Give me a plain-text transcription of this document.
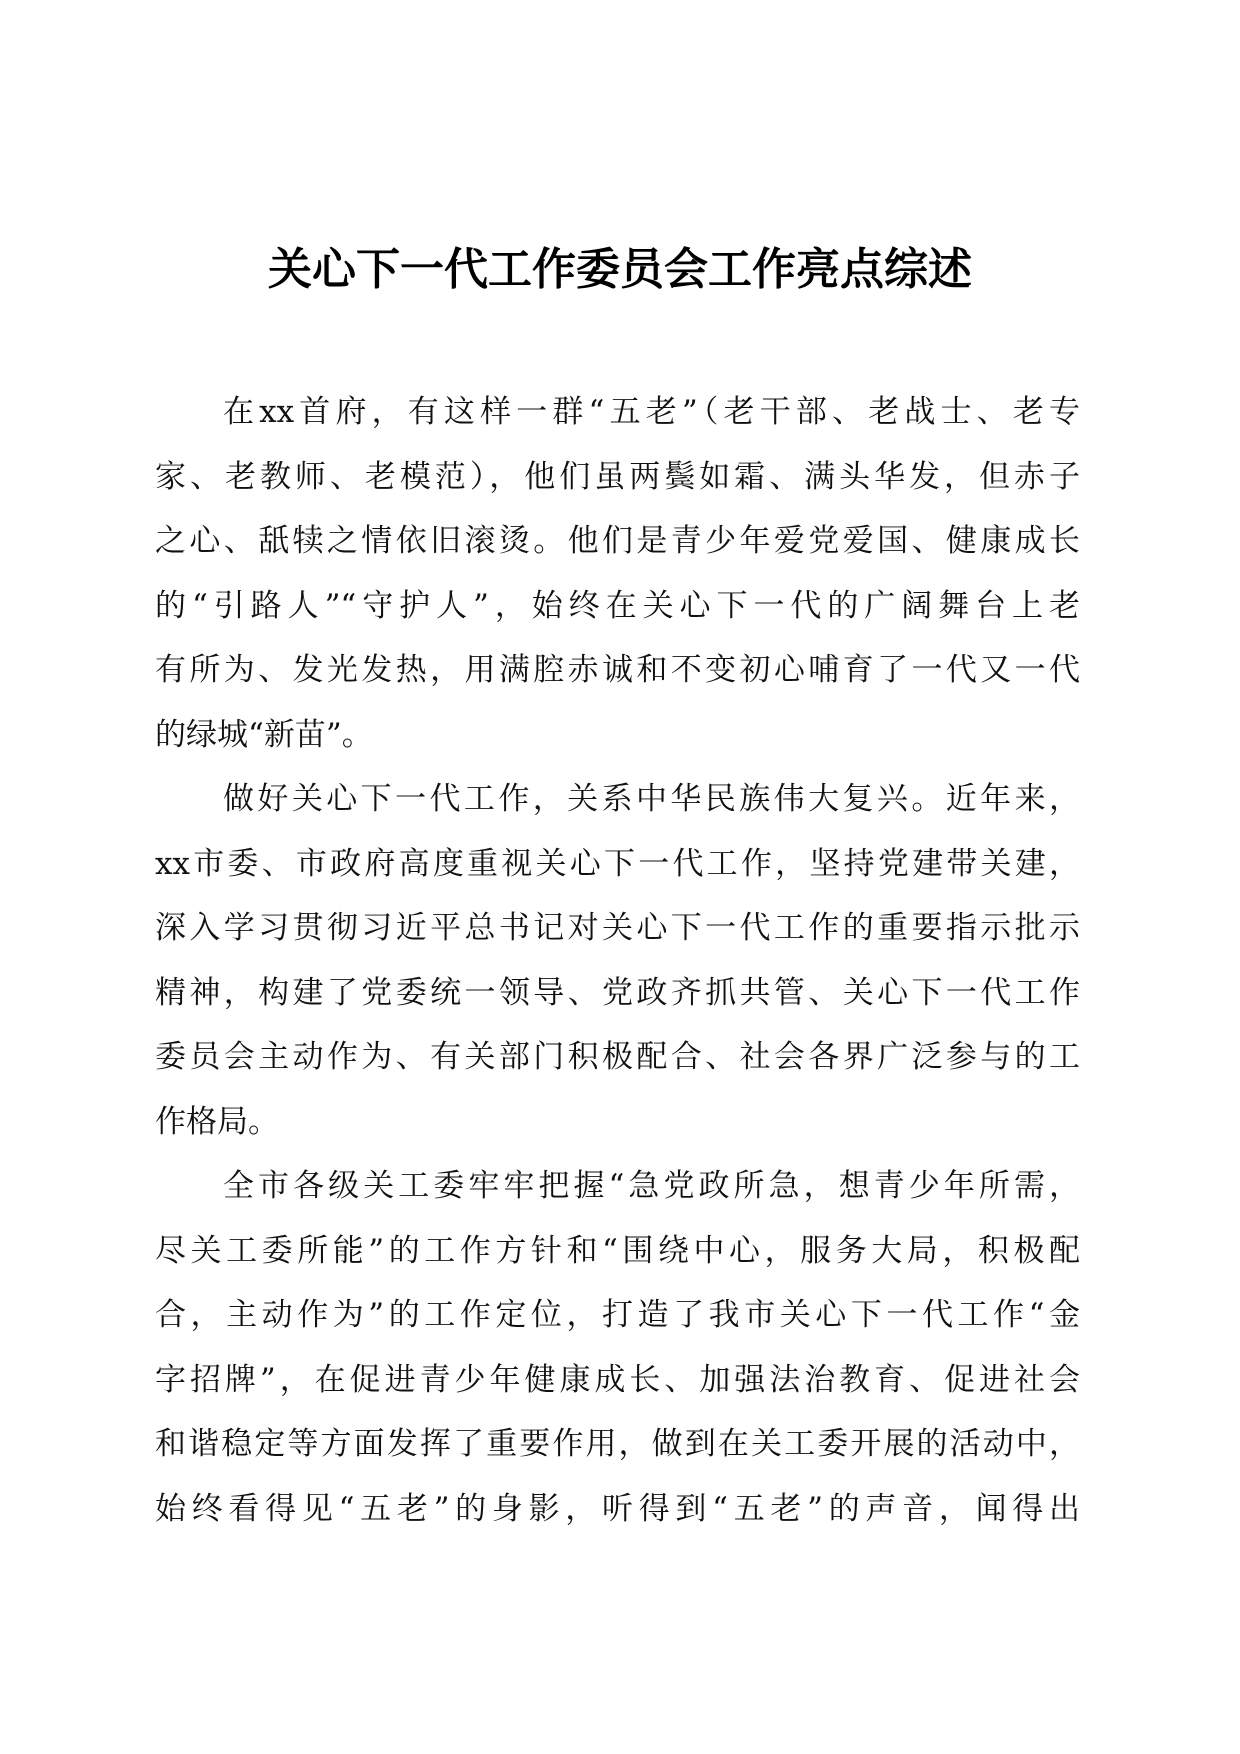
关心下一代工作委员会工作亮点综述
在xx首府，有这样一群“五老”（老干部、老战士、老专
家、老教师、老模范），他们虽两鬓如霜、满头华发，但赤子
之心、舐犊之情依旧滚烫。他们是青少年爱党爱国、健康成长
的“引路人”“守护人”，始终在关心下一代的广阔舞台上老
有所为、发光发热，用满腔赤诚和不变初心哺育了一代又一代
的绿城“新苗”。
做好关心下一代工作，关系中华民族伟大复兴。近年来，
xx市委、市政府高度重视关心下一代工作，坚持党建带关建，
深入学习贯彻习近平总书记对关心下一代工作的重要指示批示
精神，构建了党委统一领导、党政齐抓共管、关心下一代工作
委员会主动作为、有关部门积极配合、社会各界广泛参与的工
作格局。
全市各级关工委牢牢把握“急党政所急，想青少年所需，
尽关工委所能”的工作方针和“围绕中心，服务大局，积极配
合，主动作为”的工作定位，打造了我市关心下一代工作“金
字招牌”，在促进青少年健康成长、加强法治教育、促进社会
和谐稳定等方面发挥了重要作用，做到在关工委开展的活动中，
始终看得见“五老”的身影，听得到“五老”的声音，闻得出
